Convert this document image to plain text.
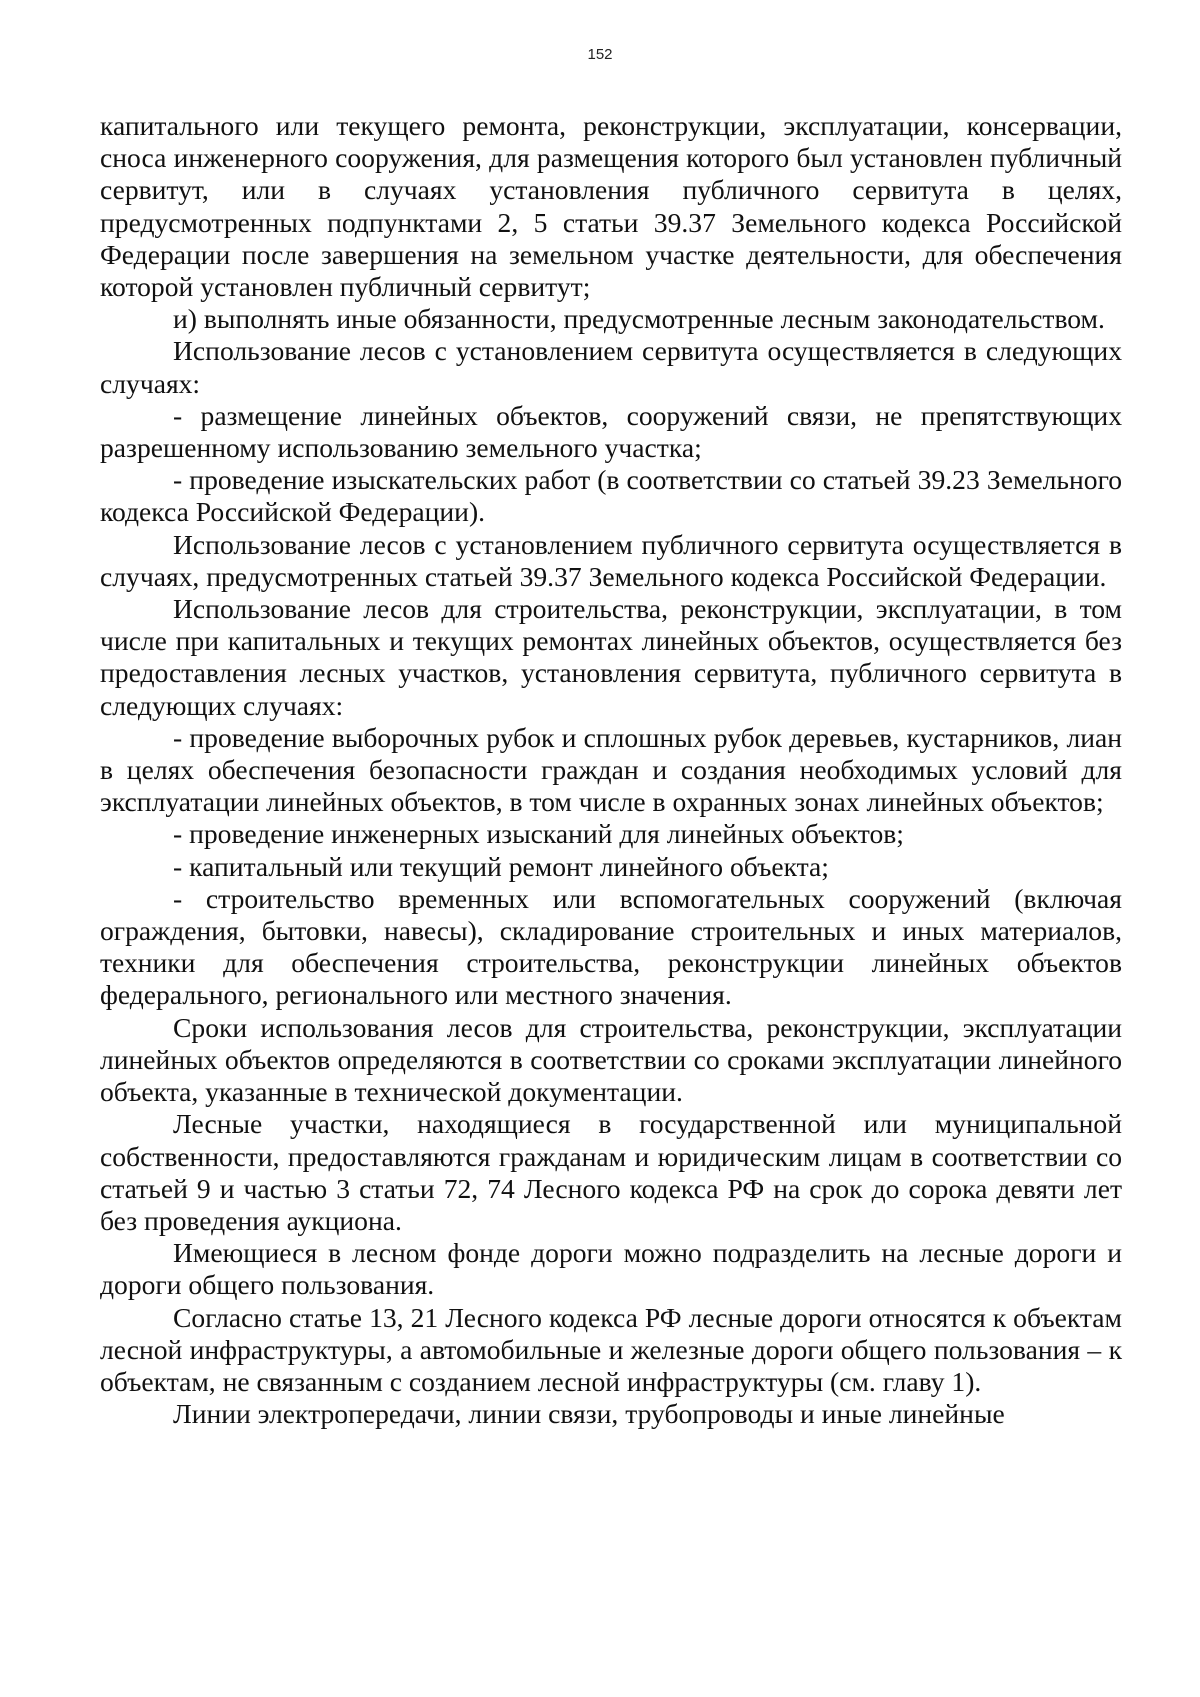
152

капитального или текущего ремонта, реконструкции, эксплуатации, консервации, сноса инженерного сооружения, для размещения которого был установлен публичный сервитут, или в случаях установления публичного сервитута в целях, предусмотренных подпунктами 2, 5 статьи 39.37 Земельного кодекса Российской Федерации после завершения на земельном участке деятельности, для обеспечения которой установлен публичный сервитут;

и) выполнять иные обязанности, предусмотренные лесным законодательством.

Использование лесов с установлением сервитута осуществляется в следующих случаях:

- размещение линейных объектов, сооружений связи, не препятствующих разрешенному использованию земельного участка;

- проведение изыскательских работ (в соответствии со статьей 39.23 Земельного кодекса Российской Федерации).

Использование лесов с установлением публичного сервитута осуществляется в случаях, предусмотренных статьей 39.37 Земельного кодекса Российской Федерации.

Использование лесов для строительства, реконструкции, эксплуатации, в том числе при капитальных и текущих ремонтах линейных объектов, осуществляется без предоставления лесных участков, установления сервитута, публичного сервитута в следующих случаях:

- проведение выборочных рубок и сплошных рубок деревьев, кустарников, лиан в целях обеспечения безопасности граждан и создания необходимых условий для эксплуатации линейных объектов, в том числе в охранных зонах линейных объектов;

- проведение инженерных изысканий для линейных объектов;

- капитальный или текущий ремонт линейного объекта;

- строительство временных или вспомогательных сооружений (включая ограждения, бытовки, навесы), складирование строительных и иных материалов, техники для обеспечения строительства, реконструкции линейных объектов федерального, регионального или местного значения.

Сроки использования лесов для строительства, реконструкции, эксплуатации линейных объектов определяются в соответствии со сроками эксплуатации линейного объекта, указанные в технической документации.

Лесные участки, находящиеся в государственной или муниципальной собственности, предоставляются гражданам и юридическим лицам в соответствии со статьей 9 и частью 3 статьи 72, 74 Лесного кодекса РФ на срок до сорока девяти лет без проведения аукциона.

Имеющиеся в лесном фонде дороги можно подразделить на лесные дороги и дороги общего пользования.

Согласно статье 13, 21 Лесного кодекса РФ лесные дороги относятся к объектам лесной инфраструктуры, а автомобильные и железные дороги общего пользования – к объектам, не связанным с созданием лесной инфраструктуры (см. главу 1).

Линии электропередачи, линии связи, трубопроводы и иные линейные
